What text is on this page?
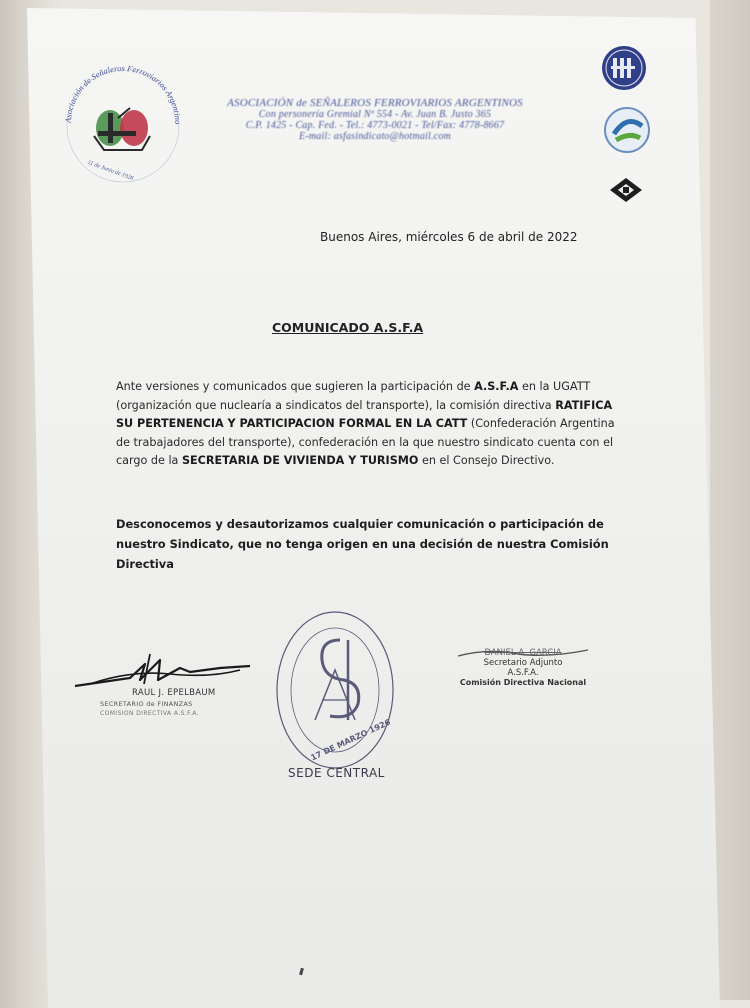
Asociación de Señaleros Ferroviarios Argentino
11 de Junio de 1926
ASOCIACIÓN de SEÑALEROS FERROVIARIOS ARGENTINOS
Con personería Gremial Nº 554 - Av. Juan B. Justo 365
C.P. 1425 - Cap. Fed. - Tel.: 4773-0021 - Tel/Fax: 4778-8667
E-mail: asfasindicato@hotmail.com

Buenos Aires, miércoles 6 de abril de 2022
COMUNICADO A.S.F.A
Ante versiones y comunicados que sugieren la participación de A.S.F.A en la UGATT (organización que nuclearía a sindicatos del transporte), la comisión directiva RATIFICA SU PERTENENCIA Y PARTICIPACION FORMAL EN LA CATT (Confederación Argentina de trabajadores del transporte), confederación en la que nuestro sindicato cuenta con el cargo de la SECRETARIA DE VIVIENDA Y TURISMO en el Consejo Directivo.
Desconocemos y desautorizamos cualquier comunicación o participación de nuestro Sindicato, que no tenga origen en una decisión de nuestra Comisión Directiva
RAUL J. EPELBAUM
SECRETARIO de FINANZAS
COMISION DIRECTIVA A.S.F.A.
17 DE MARZO 1926
SEDE CENTRAL
DANIEL A. GARCIA
Secretario Adjunto
A.S.F.A.
Comisión Directiva Nacional
